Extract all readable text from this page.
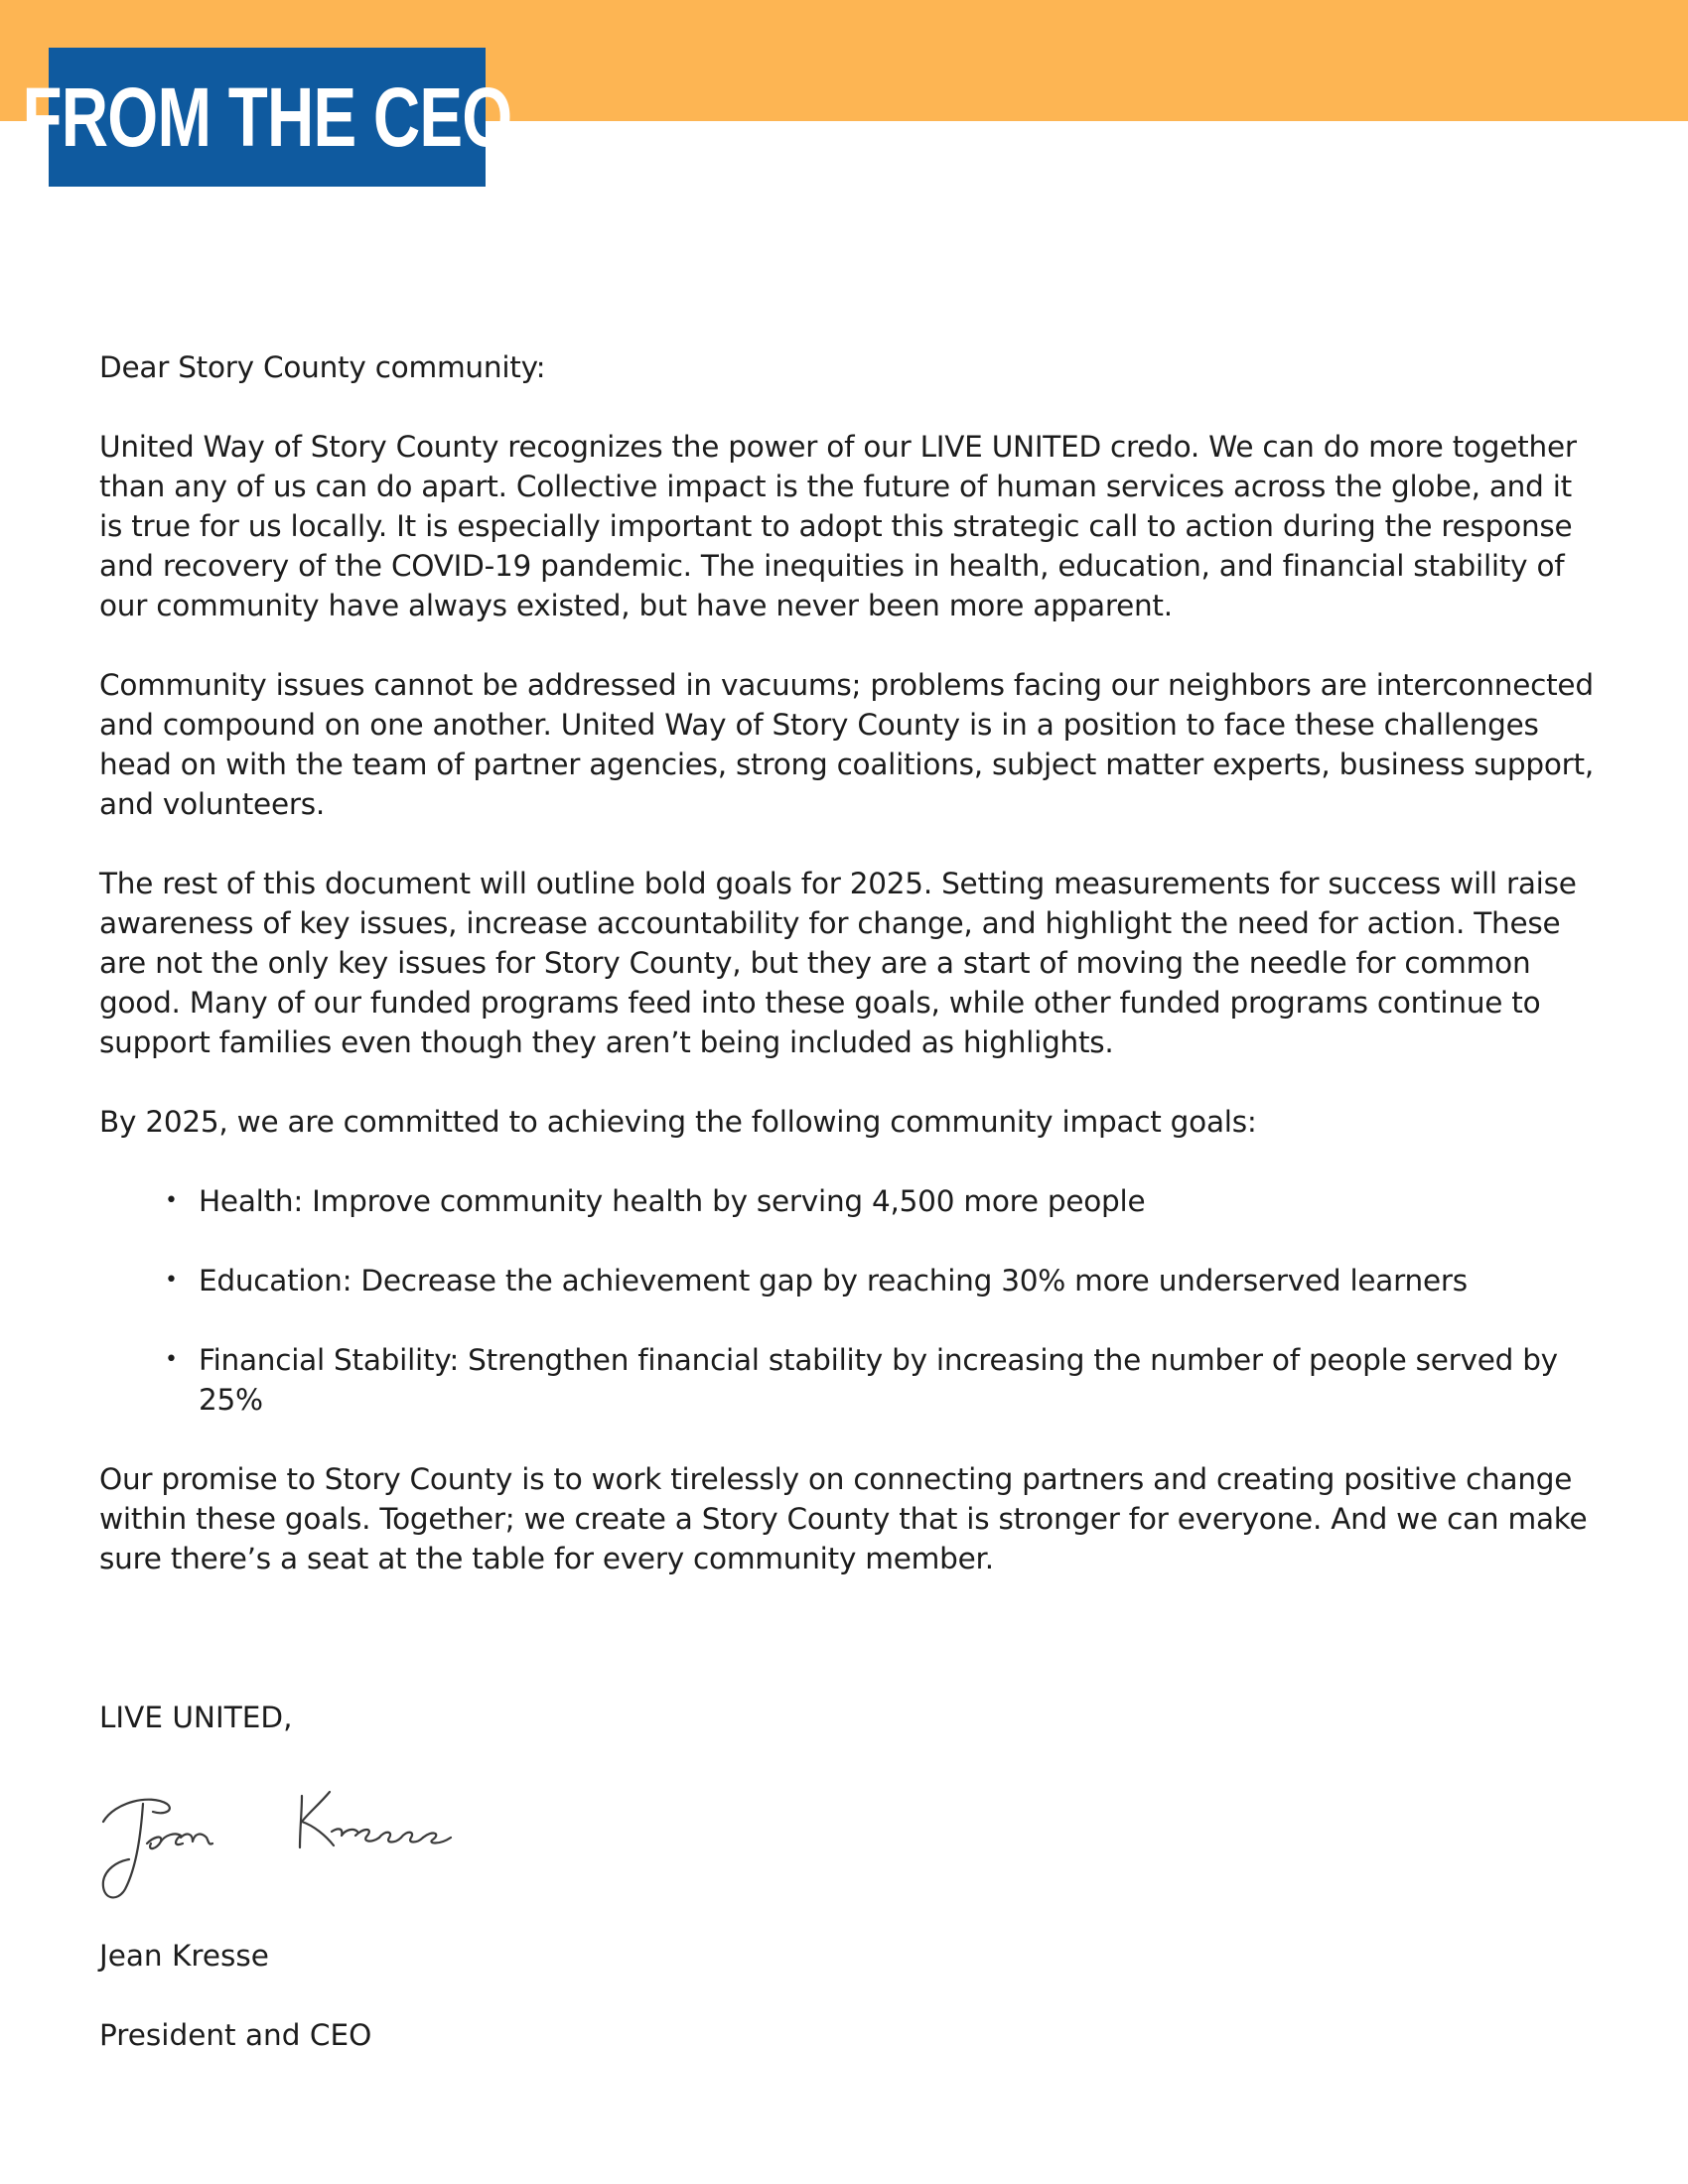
FROM THE CEO

Dear Story County community:

United Way of Story County recognizes the power of our LIVE UNITED credo. We can do more together than any of us can do apart. Collective impact is the future of human services across the globe, and it is true for us locally. It is especially important to adopt this strategic call to action during the response and recovery of the COVID-19 pandemic. The inequities in health, education, and financial stability of our community have always existed, but have never been more apparent.

Community issues cannot be addressed in vacuums; problems facing our neighbors are interconnected and compound on one another. United Way of Story County is in a position to face these challenges head on with the team of partner agencies, strong coalitions, subject matter experts, business support, and volunteers.

The rest of this document will outline bold goals for 2025. Setting measurements for success will raise awareness of key issues, increase accountability for change, and highlight the need for action. These are not the only key issues for Story County, but they are a start of moving the needle for common good. Many of our funded programs feed into these goals, while other funded programs continue to support families even though they aren’t being included as highlights.

By 2025, we are committed to achieving the following community impact goals:

• Health: Improve community health by serving 4,500 more people
• Education: Decrease the achievement gap by reaching 30% more underserved learners
• Financial Stability: Strengthen financial stability by increasing the number of people served by 25%

Our promise to Story County is to work tirelessly on connecting partners and creating positive change within these goals. Together; we create a Story County that is stronger for everyone. And we can make sure there’s a seat at the table for every community member.

LIVE UNITED,
Jean Kresse
President and CEO
